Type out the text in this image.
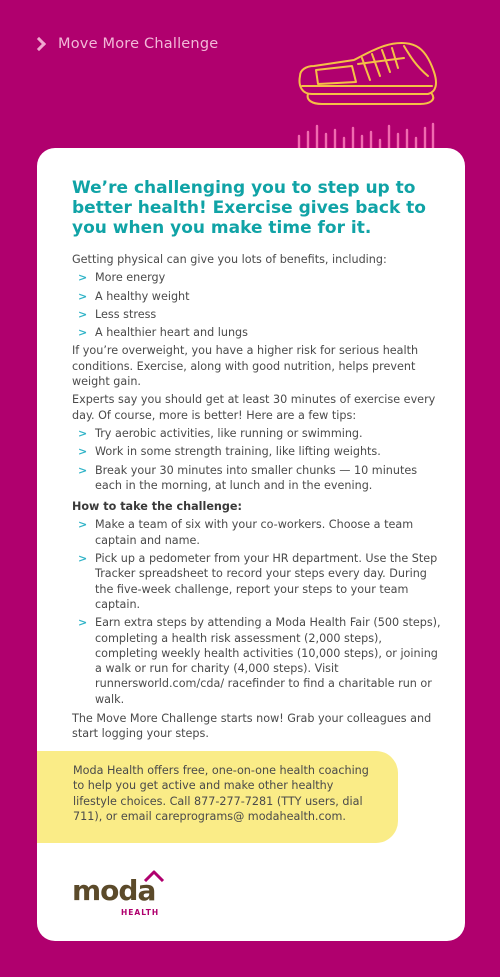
Move More Challenge
We’re challenging you to step up to better health! Exercise gives back to you when you make time for it.

Getting physical can give you lots of benefits, including:

> More energy
> A healthy weight
> Less stress
> A healthier heart and lungs

If you’re overweight, you have a higher risk for serious health conditions. Exercise, along with good nutrition, helps prevent weight gain.

Experts say you should get at least 30 minutes of exercise every day. Of course, more is better! Here are a few tips:

> Try aerobic activities, like running or swimming.
> Work in some strength training, like lifting weights.
> Break your 30 minutes into smaller chunks — 10 minutes each in the morning, at lunch and in the evening.

How to take the challenge:

> Make a team of six with your co-workers. Choose a team captain and name.
> Pick up a pedometer from your HR department. Use the Step Tracker spreadsheet to record your steps every day. During the five-week challenge, report your steps to your team captain.
> Earn extra steps by attending a Moda Health Fair (500 steps), completing a health risk assessment (2,000 steps), completing weekly health activities (10,000 steps), or joining a walk or run for charity (4,000 steps). Visit runnersworld.com/cda/ racefinder to find a charitable run or walk.

The Move More Challenge starts now! Grab your colleagues and start logging your steps.

Moda Health offers free, one-on-one health coaching to help you get active and make other healthy lifestyle choices. Call 877-277-7281 (TTY users, dial 711), or email careprograms@ modahealth.com.

moda
HEALTH
